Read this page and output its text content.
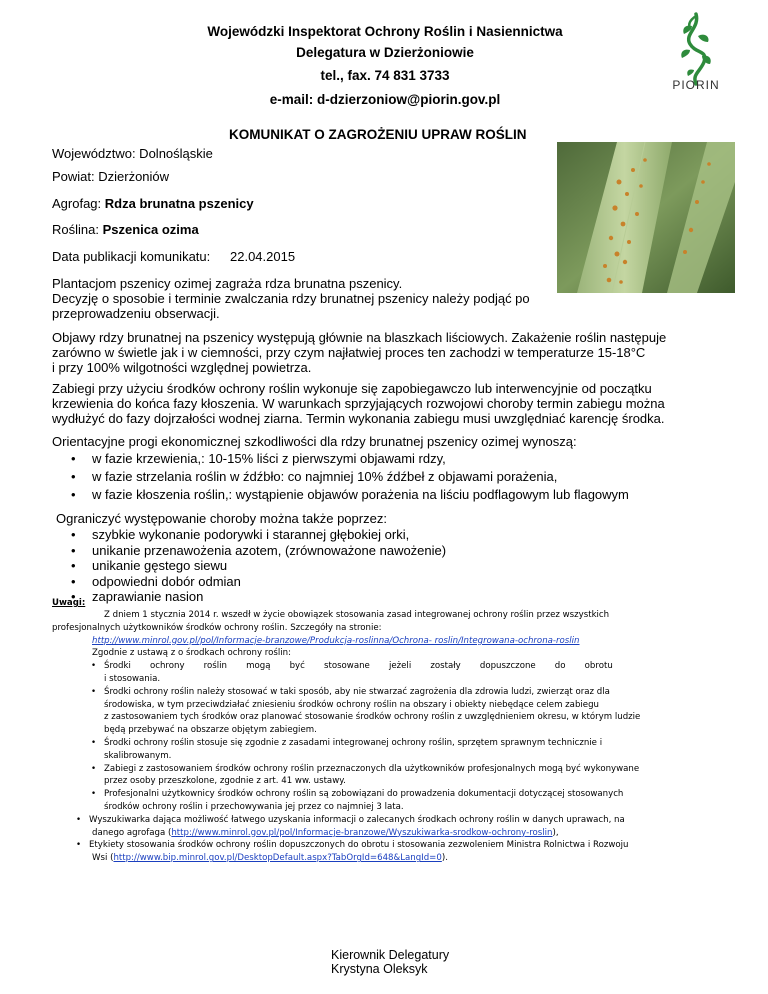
Wojewódzki Inspektorat Ochrony Roślin i Nasiennictwa
Delegatura w Dzierżoniowie
tel., fax. 74 831 3733
e-mail: d-dzierzoniow@piorin.gov.pl
PIORIN
KOMUNIKAT O ZAGROŻENIU UPRAW ROŚLIN
Województwo: Dolnośląskie
Powiat: Dzierżoniów
Agrofag: Rdza brunatna pszenicy
Roślina: Pszenica ozima
Data publikacji komunikatu: 22.04.2015
Plantacjom pszenicy ozimej zagraża rdza brunatna pszenicy.
Decyzję o sposobie i terminie zwalczania rdzy brunatnej pszenicy należy podjąć po
przeprowadzeniu obserwacji.
Objawy rdzy brunatnej na pszenicy występują głównie na blaszkach liściowych. Zakażenie roślin następuje
zarówno w świetle jak i w ciemności, przy czym najłatwiej proces ten zachodzi w temperaturze 15-18°C
i przy 100% wilgotności względnej powietrza.
Zabiegi przy użyciu środków ochrony roślin wykonuje się zapobiegawczo lub interwencyjnie od początku
krzewienia do końca fazy kłoszenia. W warunkach sprzyjających rozwojowi choroby termin zabiegu można
wydłużyć do fazy dojrzałości wodnej ziarna. Termin wykonania zabiegu musi uwzględniać karencję środka.
Orientacyjne progi ekonomicznej szkodliwości dla rdzy brunatnej pszenicy ozimej wynoszą:
• w fazie krzewienia,: 10-15% liści z pierwszymi objawami rdzy,
• w fazie strzelania roślin w źdźbło: co najmniej 10% źdźbeł z objawami porażenia,
• w fazie kłoszenia roślin,: wystąpienie objawów porażenia na liściu podflagowym lub flagowym
Ograniczyć występowanie choroby można także poprzez:
• szybkie wykonanie podorywki i starannej głębokiej orki,
• unikanie przenawożenia azotem, (zrównoważone nawożenie)
• unikanie gęstego siewu
• odpowiedni dobór odmian
• zaprawianie nasion
Uwagi:
Z dniem 1 stycznia 2014 r. wszedł w życie obowiązek stosowania zasad integrowanej ochrony roślin przez wszystkich
profesjonalnych użytkowników środków ochrony roślin. Szczegóły na stronie:
http://www.minrol.gov.pl/pol/Informacje-branzowe/Produkcja-roslinna/Ochrona- roslin/Integrowana-ochrona-roslin
Zgodnie z ustawą z o środkach ochrony roślin:
• Środki       ochrony       roślin       mogą       być       stosowane       jeżeli       zostały       dopuszczone       do       obrotu
i stosowania.
• Środki ochrony roślin należy stosować w taki sposób, aby nie stwarzać zagrożenia dla zdrowia ludzi, zwierząt oraz dla
środowiska, w tym przeciwdziałać zniesieniu środków ochrony roślin na obszary i obiekty niebędące celem zabiegu
z zastosowaniem tych środków oraz planować stosowanie środków ochrony roślin z uwzględnieniem okresu, w którym ludzie
będą przebywać na obszarze objętym zabiegiem.
• Środki ochrony roślin stosuje się zgodnie z zasadami integrowanej ochrony roślin, sprzętem sprawnym technicznie i
skalibrowanym.
• Zabiegi z zastosowaniem środków ochrony roślin przeznaczonych dla użytkowników profesjonalnych mogą być wykonywane
przez osoby przeszkolone, zgodnie z art. 41 ww. ustawy.
• Profesjonalni użytkownicy środków ochrony roślin są zobowiązani do prowadzenia dokumentacji dotyczącej stosowanych
środków ochrony roślin i przechowywania jej przez co najmniej 3 lata.
• Wyszukiwarka dająca możliwość łatwego uzyskania informacji o zalecanych środkach ochrony roślin w danych uprawach, na
danego agrofaga (http://www.minrol.gov.pl/pol/Informacje-branzowe/Wyszukiwarka-srodkow-ochrony-roslin),
• Etykiety stosowania środków ochrony roślin dopuszczonych do obrotu i stosowania zezwoleniem Ministra Rolnictwa i Rozwoju
Wsi (http://www.bip.minrol.gov.pl/DesktopDefault.aspx?TabOrgId=648&LangId=0).
Kierownik Delegatury
Krystyna Oleksyk
